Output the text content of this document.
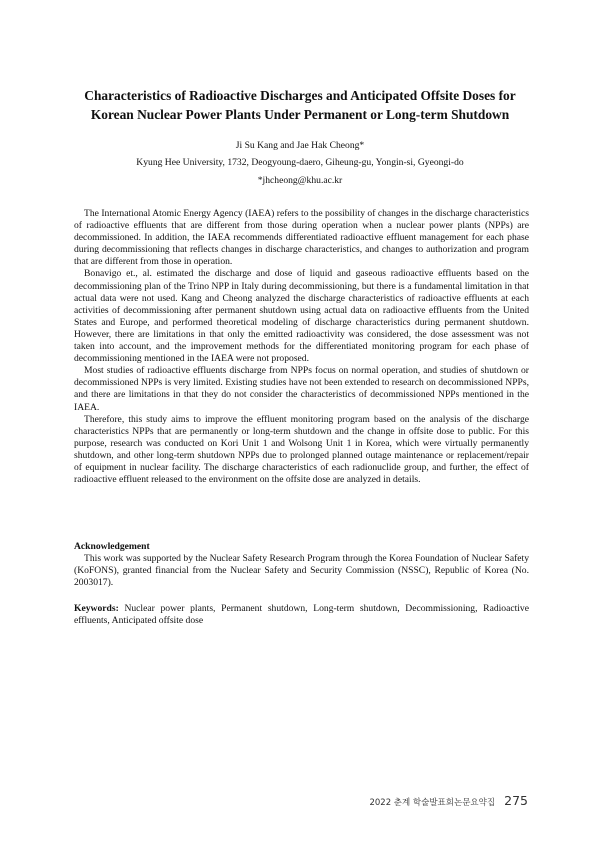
Characteristics of Radioactive Discharges and Anticipated Offsite Doses for
Korean Nuclear Power Plants Under Permanent or Long-term Shutdown
Ji Su Kang and Jae Hak Cheong*
Kyung Hee University, 1732, Deogyoung-daero, Giheung-gu, Yongin-si, Gyeongi-do
*jhcheong@khu.ac.kr

The International Atomic Energy Agency (IAEA) refers to the possibility of changes in the discharge characteristics of radioactive effluents that are different from those during operation when a nuclear power plants (NPPs) are decommissioned. In addition, the IAEA recommends differentiated radioactive effluent management for each phase during decommissioning that reflects changes in discharge characteristics, and changes to authorization and program that are different from those in operation.

Bonavigo et., al. estimated the discharge and dose of liquid and gaseous radioactive effluents based on the decommissioning plan of the Trino NPP in Italy during decommissioning, but there is a fundamental limitation in that actual data were not used. Kang and Cheong analyzed the discharge characteristics of radioactive effluents at each activities of decommissioning after permanent shutdown using actual data on radioactive effluents from the United States and Europe, and performed theoretical modeling of discharge characteristics during permanent shutdown. However, there are limitations in that only the emitted radioactivity was considered, the dose assessment was not taken into account, and the improvement methods for the differentiated monitoring program for each phase of decommissioning mentioned in the IAEA were not proposed.

Most studies of radioactive effluents discharge from NPPs focus on normal operation, and studies of shutdown or decommissioned NPPs is very limited. Existing studies have not been extended to research on decommissioned NPPs, and there are limitations in that they do not consider the characteristics of decommissioned NPPs mentioned in the IAEA.

Therefore, this study aims to improve the effluent monitoring program based on the analysis of the discharge characteristics NPPs that are permanently or long-term shutdown and the change in offsite dose to public. For this purpose, research was conducted on Kori Unit 1 and Wolsong Unit 1 in Korea, which were virtually permanently shutdown, and other long-term shutdown NPPs due to prolonged planned outage maintenance or replacement/repair of equipment in nuclear facility. The discharge characteristics of each radionuclide group, and further, the effect of radioactive effluent released to the environment on the offsite dose are analyzed in details.

Acknowledgement
This work was supported by the Nuclear Safety Research Program through the Korea Foundation of Nuclear Safety (KoFONS), granted financial from the Nuclear Safety and Security Commission (NSSC), Republic of Korea (No. 2003017).
Keywords: Nuclear power plants, Permanent shutdown, Long-term shutdown, Decommissioning, Radioactive effluents, Anticipated offsite dose
2022 춘계 학술발표회논문요약집 275
